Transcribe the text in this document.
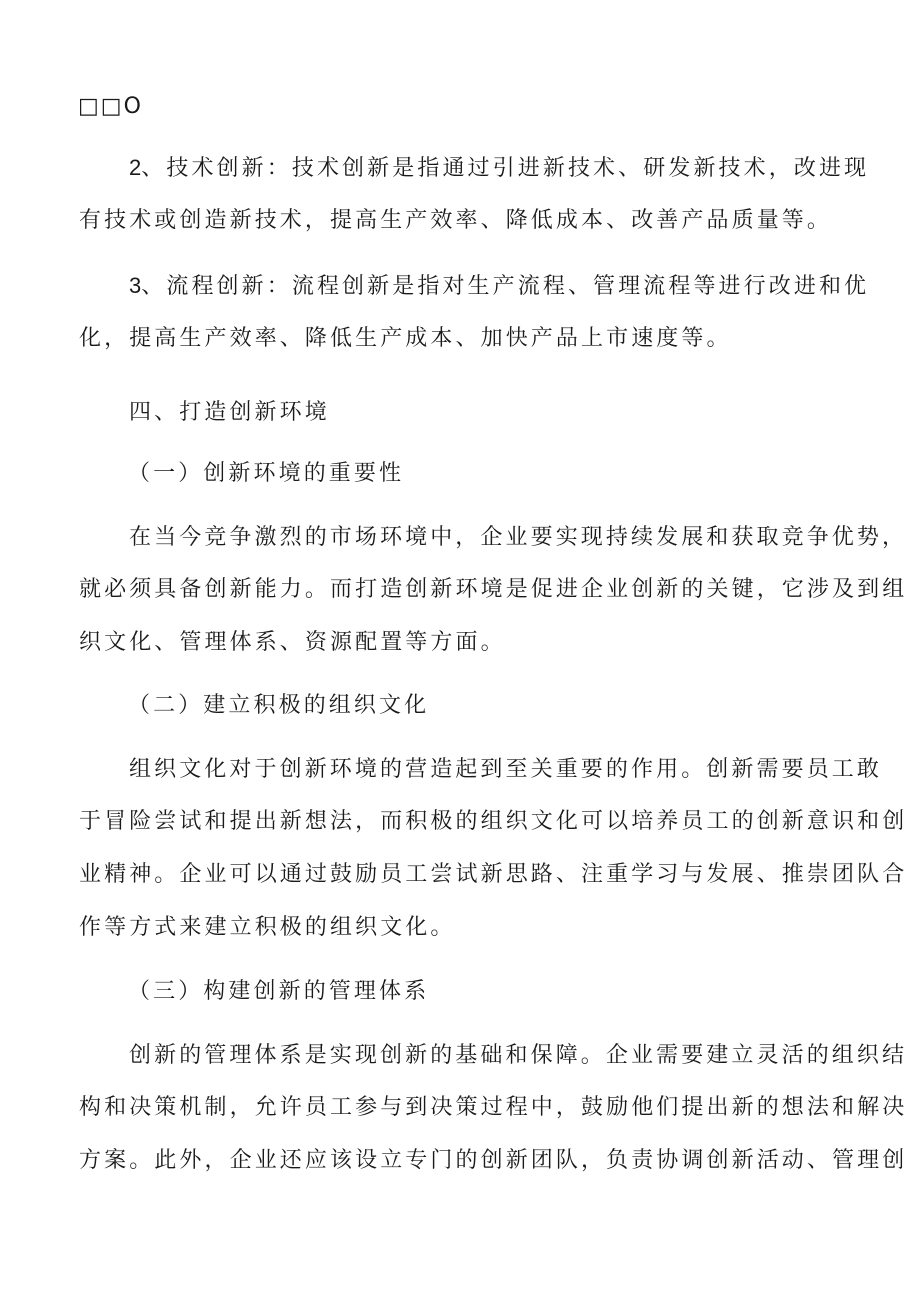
□□O
2、技术创新：技术创新是指通过引进新技术、研发新技术，改进现
有技术或创造新技术，提高生产效率、降低成本、改善产品质量等。
3、流程创新：流程创新是指对生产流程、管理流程等进行改进和优
化，提高生产效率、降低生产成本、加快产品上市速度等。
四、打造创新环境
（一）创新环境的重要性
在当今竞争激烈的市场环境中，企业要实现持续发展和获取竞争优势，
就必须具备创新能力。而打造创新环境是促进企业创新的关键，它涉及到组
织文化、管理体系、资源配置等方面。
（二）建立积极的组织文化
组织文化对于创新环境的营造起到至关重要的作用。创新需要员工敢
于冒险尝试和提出新想法，而积极的组织文化可以培养员工的创新意识和创
业精神。企业可以通过鼓励员工尝试新思路、注重学习与发展、推崇团队合
作等方式来建立积极的组织文化。
（三）构建创新的管理体系
创新的管理体系是实现创新的基础和保障。企业需要建立灵活的组织结
构和决策机制，允许员工参与到决策过程中，鼓励他们提出新的想法和解决
方案。此外，企业还应该设立专门的创新团队，负责协调创新活动、管理创
